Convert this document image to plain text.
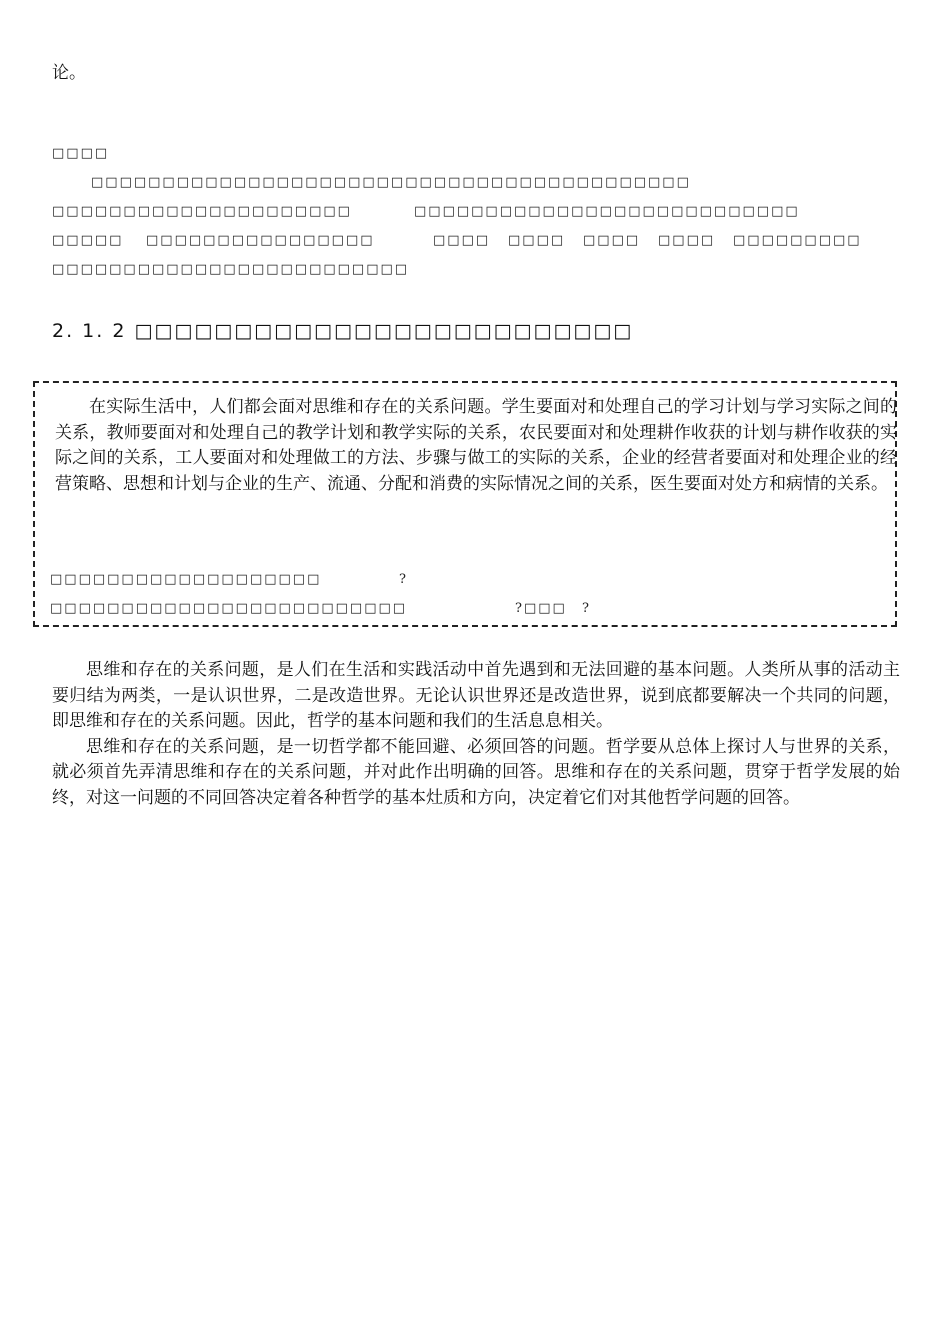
论。
□□□□
□□□□□□□□□□□□□□□□□□□□□□□□□□□□□□□□□□□□□□□□□□
□□□□□□□□□□□□□□□□□□□□□	□□□□□□□□□□□□□□□□□□□□□□□□□□□
□□□□□ □□□□□□□□□□□□□□□□	□□□□ □□□□ □□□□ □□□□ □□□□□□□□□
□□□□□□□□□□□□□□□□□□□□□□□□□
2. 1. 2 □□□□□□□□□□□□□□□□□□□□□□□□□

在实际生活中，人们都会面对思维和存在的关系问题。学生要面对和处理自己的学习计划与学习实际之间的关系，教师要面对和处理自己的教学计划和教学实际的关系，农民要面对和处理耕作收获的计划与耕作收获的实际之间的关系，工人要面对和处理做工的方法、步骤与做工的实际的关系，企业的经营者要面对和处理企业的经营策略、思想和计划与企业的生产、流通、分配和消费的实际情况之间的关系，医生要面对处方和病情的关系。

□□□□□□□□□□□□□□□□□□□	?
□□□□□□□□□□□□□□□□□□□□□□□□□	?□□□ ?

思维和存在的关系问题，是人们在生活和实践活动中首先遇到和无法回避的基本问题。人类所从事的活动主要归结为两类，一是认识世界，二是改造世界。无论认识世界还是改造世界，说到底都要解决一个共同的问题，即思维和存在的关系问题。因此，哲学的基本问题和我们的生活息息相关。

思维和存在的关系问题，是一切哲学都不能回避、必须回答的问题。哲学要从总体上探讨人与世界的关系，就必须首先弄清思维和存在的关系问题，并对此作出明确的回答。思维和存在的关系问题，贯穿于哲学发展的始终，对这一问题的不同回答决定着各种哲学的基本灶质和方向，决定着它们对其他哲学问题的回答。
